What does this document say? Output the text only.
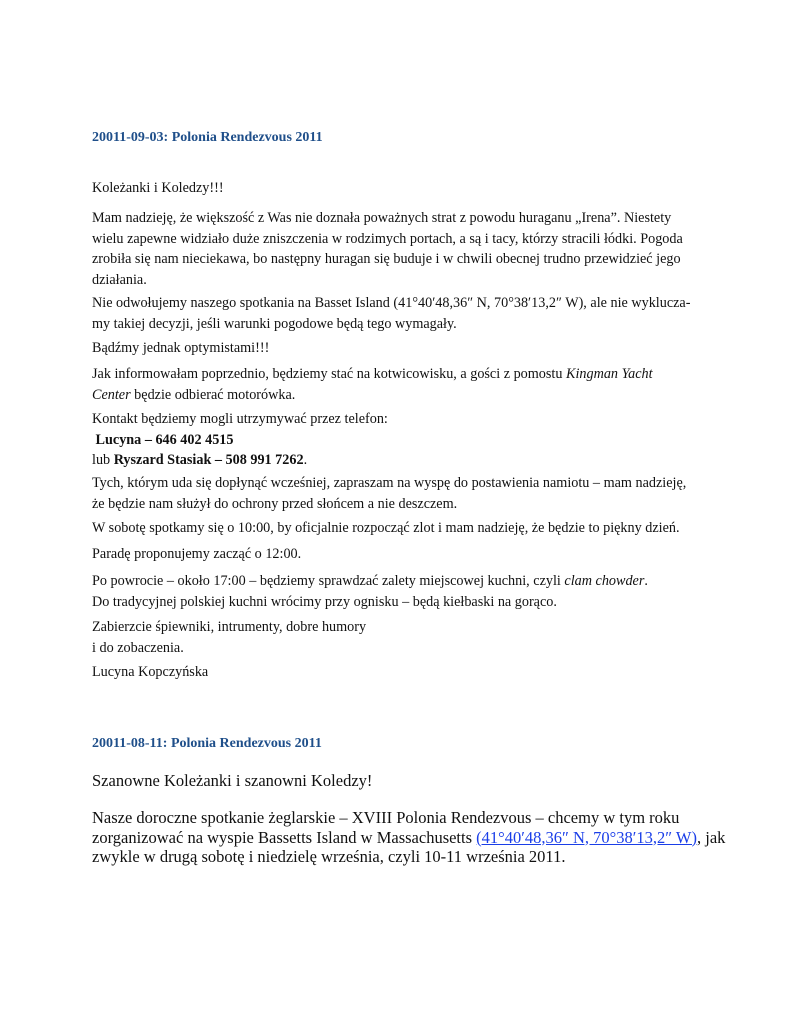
20011-09-03: Polonia Rendezvous 2011
Koleżanki i Koledzy!!!
Mam nadzieję, że większość z Was nie doznała poważnych strat z powodu huraganu „Irena”. Niestety
wielu zapewne widziało duże zniszczenia w rodzimych portach, a są i tacy, którzy stracili łódki. Pogoda
zrobiła się nam nieciekawa, bo następny huragan się buduje i w chwili obecnej trudno przewidzieć jego
działania.
Nie odwołujemy naszego spotkania na Basset Island (41°40′48,36″ N, 70°38′13,2″ W), ale nie wyklucza-
my takiej decyzji, jeśli warunki pogodowe będą tego wymagały.
Bądźmy jednak optymistami!!!
Jak informowałam poprzednio, będziemy stać na kotwicowisku, a gości z pomostu Kingman Yacht
Center będzie odbierać motorówka.
Kontakt będziemy mogli utrzymywać przez telefon:
Lucyna – 646 402 4515
lub Ryszard Stasiak – 508 991 7262.
Tych, którym uda się dopłynąć wcześniej, zapraszam na wyspę do postawienia namiotu – mam nadzieję,
że będzie nam służył do ochrony przed słońcem a nie deszczem.
W sobotę spotkamy się o 10:00, by oficjalnie rozpocząć zlot i mam nadzieję, że będzie to piękny dzień.
Paradę proponujemy zacząć o 12:00.
Po powrocie – około 17:00 – będziemy sprawdzać zalety miejscowej kuchni, czyli clam chowder.
Do tradycyjnej polskiej kuchni wrócimy przy ognisku – będą kiełbaski na gorąco.
Zabierzcie śpiewniki, intrumenty, dobre humory
i do zobaczenia.
Lucyna Kopczyńska
20011-08-11: Polonia Rendezvous 2011
Szanowne Koleżanki i szanowni Koledzy!
Nasze doroczne spotkanie żeglarskie – XVIII Polonia Rendezvous – chcemy w tym roku
zorganizować na wyspie Bassetts Island w Massachusetts (41°40′48,36″ N, 70°38′13,2″ W), jak
zwykle w drugą sobotę i niedzielę września, czyli 10-11 września 2011.
